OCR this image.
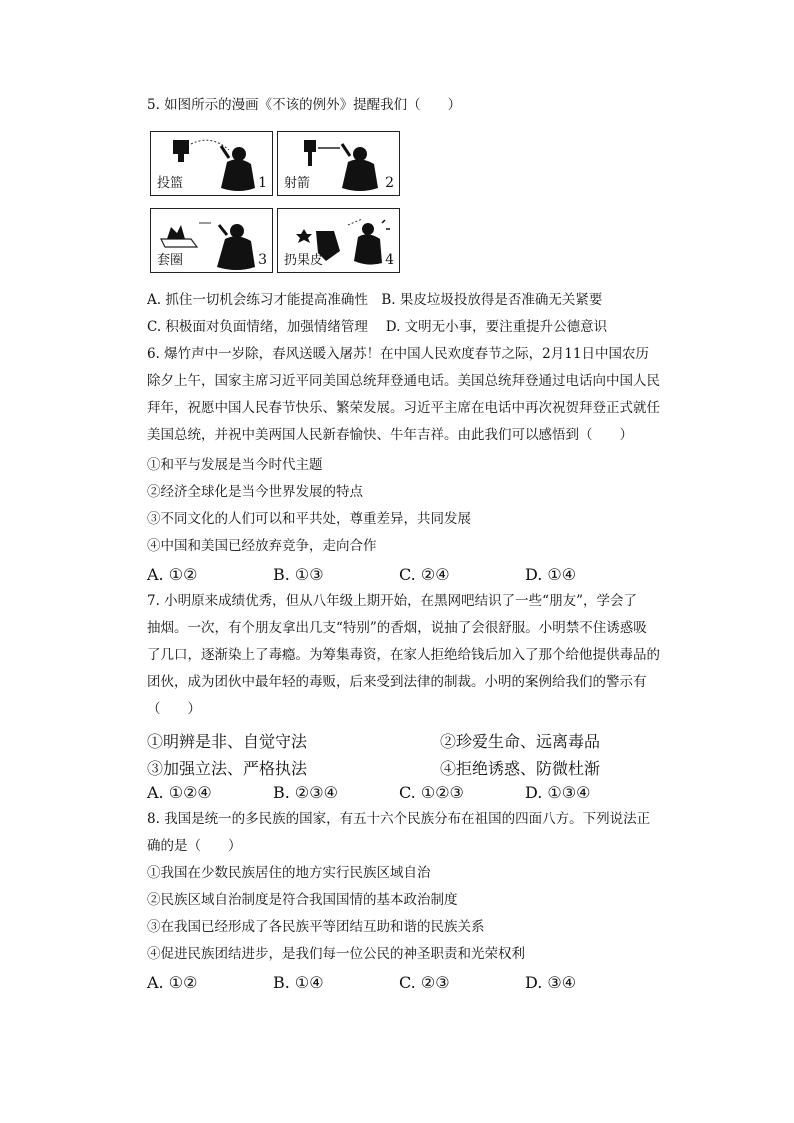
5. 如图所示的漫画《不该的例外》提醒我们（　　）
投篮	1 射箭	2
套圈	3 扔果皮	4
A. 抓住一切机会练习才能提高准确性　B. 果皮垃圾投放得是否准确无关紧要
C. 积极面对负面情绪，加强情绪管理　 D. 文明无小事，要注重提升公德意识
6. 爆竹声中一岁除，春风送暖入屠苏！在中国人民欢度春节之际，2月11日中国农历
除夕上午，国家主席习近平同美国总统拜登通电话。美国总统拜登通过电话向中国人民
拜年，祝愿中国人民春节快乐、繁荣发展。习近平主席在电话中再次祝贺拜登正式就任
美国总统，并祝中美两国人民新春愉快、牛年吉祥。由此我们可以感悟到（　　）
①和平与发展是当今时代主题
②经济全球化是当今世界发展的特点
③不同文化的人们可以和平共处，尊重差异，共同发展
④中国和美国已经放弃竞争，走向合作
A. ①②	B. ①③	C. ②④	D. ①④
7. 小明原来成绩优秀，但从八年级上期开始，在黑网吧结识了一些“朋友”，学会了
抽烟。一次，有个朋友拿出几支“特别”的香烟，说抽了会很舒服。小明禁不住诱惑吸
了几口，逐渐染上了毒瘾。为筹集毒资，在家人拒绝给钱后加入了那个给他提供毒品的
团伙，成为团伙中最年轻的毒贩，后来受到法律的制裁。小明的案例给我们的警示有
（　　）
①明辨是非、自觉守法	②珍爱生命、远离毒品
③加强立法、严格执法	④拒绝诱惑、防微杜渐
A. ①②④	B. ②③④	C. ①②③	D. ①③④
8. 我国是统一的多民族的国家，有五十六个民族分布在祖国的四面八方。下列说法正
确的是（　　）
①我国在少数民族居住的地方实行民族区域自治
②民族区域自治制度是符合我国国情的基本政治制度
③在我国已经形成了各民族平等团结互助和谐的民族关系
④促进民族团结进步，是我们每一位公民的神圣职责和光荣权利
A. ①②	B. ①④	C. ②③	D. ③④
